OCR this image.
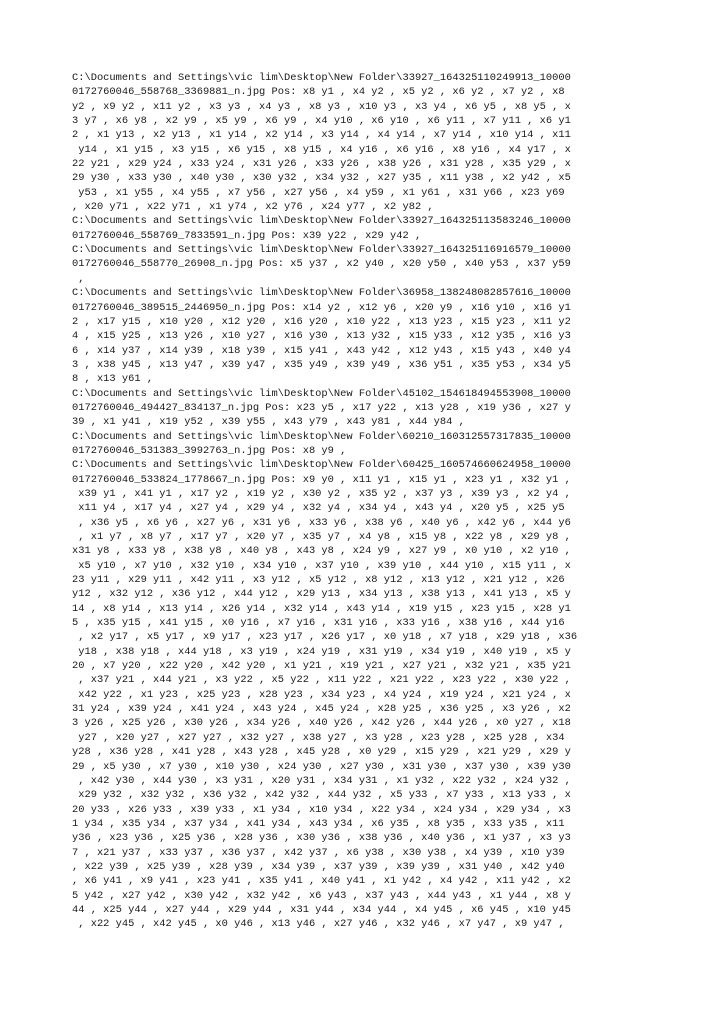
C:\Documents and Settings\vic lim\Desktop\New Folder\33927_164325110249913_10000
0172760046_558768_3369881_n.jpg Pos: x8 y1 , x4 y2 , x5 y2 , x6 y2 , x7 y2 , x8
y2 , x9 y2 , x11 y2 , x3 y3 , x4 y3 , x8 y3 , x10 y3 , x3 y4 , x6 y5 , x8 y5 , x
3 y7 , x6 y8 , x2 y9 , x5 y9 , x6 y9 , x4 y10 , x6 y10 , x6 y11 , x7 y11 , x6 y1
2 , x1 y13 , x2 y13 , x1 y14 , x2 y14 , x3 y14 , x4 y14 , x7 y14 , x10 y14 , x11
y14 , x1 y15 , x3 y15 , x6 y15 , x8 y15 , x4 y16 , x6 y16 , x8 y16 , x4 y17 , x
22 y21 , x29 y24 , x33 y24 , x31 y26 , x33 y26 , x38 y26 , x31 y28 , x35 y29 , x
29 y30 , x33 y30 , x40 y30 , x30 y32 , x34 y32 , x27 y35 , x11 y38 , x2 y42 , x5
y53 , x1 y55 , x4 y55 , x7 y56 , x27 y56 , x4 y59 , x1 y61 , x31 y66 , x23 y69
, x20 y71 , x22 y71 , x1 y74 , x2 y76 , x24 y77 , x2 y82 ,
C:\Documents and Settings\vic lim\Desktop\New Folder\33927_164325113583246_10000
0172760046_558769_7833591_n.jpg Pos: x39 y22 , x29 y42 ,
C:\Documents and Settings\vic lim\Desktop\New Folder\33927_164325116916579_10000
0172760046_558770_26908_n.jpg Pos: x5 y37 , x2 y40 , x20 y50 , x40 y53 , x37 y59
,
C:\Documents and Settings\vic lim\Desktop\New Folder\36958_138248082857616_10000
0172760046_389515_2446950_n.jpg Pos: x14 y2 , x12 y6 , x20 y9 , x16 y10 , x16 y1
2 , x17 y15 , x10 y20 , x12 y20 , x16 y20 , x10 y22 , x13 y23 , x15 y23 , x11 y2
4 , x15 y25 , x13 y26 , x10 y27 , x16 y30 , x13 y32 , x15 y33 , x12 y35 , x16 y3
6 , x14 y37 , x14 y39 , x18 y39 , x15 y41 , x43 y42 , x12 y43 , x15 y43 , x40 y4
3 , x38 y45 , x13 y47 , x39 y47 , x35 y49 , x39 y49 , x36 y51 , x35 y53 , x34 y5
8 , x13 y61 ,
C:\Documents and Settings\vic lim\Desktop\New Folder\45102_154618494553908_10000
0172760046_494427_834137_n.jpg Pos: x23 y5 , x17 y22 , x13 y28 , x19 y36 , x27 y
39 , x1 y41 , x19 y52 , x39 y55 , x43 y79 , x43 y81 , x44 y84 ,
C:\Documents and Settings\vic lim\Desktop\New Folder\60210_160312557317835_10000
0172760046_531383_3992763_n.jpg Pos: x8 y9 ,
C:\Documents and Settings\vic lim\Desktop\New Folder\60425_160574660624958_10000
0172760046_533824_1778667_n.jpg Pos: x9 y0 , x11 y1 , x15 y1 , x23 y1 , x32 y1 ,
x39 y1 , x41 y1 , x17 y2 , x19 y2 , x30 y2 , x35 y2 , x37 y3 , x39 y3 , x2 y4 ,
x11 y4 , x17 y4 , x27 y4 , x29 y4 , x32 y4 , x34 y4 , x43 y4 , x20 y5 , x25 y5
, x36 y5 , x6 y6 , x27 y6 , x31 y6 , x33 y6 , x38 y6 , x40 y6 , x42 y6 , x44 y6
, x1 y7 , x8 y7 , x17 y7 , x20 y7 , x35 y7 , x4 y8 , x15 y8 , x22 y8 , x29 y8 ,
x31 y8 , x33 y8 , x38 y8 , x40 y8 , x43 y8 , x24 y9 , x27 y9 , x0 y10 , x2 y10 ,
x5 y10 , x7 y10 , x32 y10 , x34 y10 , x37 y10 , x39 y10 , x44 y10 , x15 y11 , x
23 y11 , x29 y11 , x42 y11 , x3 y12 , x5 y12 , x8 y12 , x13 y12 , x21 y12 , x26
y12 , x32 y12 , x36 y12 , x44 y12 , x29 y13 , x34 y13 , x38 y13 , x41 y13 , x5 y
14 , x8 y14 , x13 y14 , x26 y14 , x32 y14 , x43 y14 , x19 y15 , x23 y15 , x28 y1
5 , x35 y15 , x41 y15 , x0 y16 , x7 y16 , x31 y16 , x33 y16 , x38 y16 , x44 y16
, x2 y17 , x5 y17 , x9 y17 , x23 y17 , x26 y17 , x0 y18 , x7 y18 , x29 y18 , x36
y18 , x38 y18 , x44 y18 , x3 y19 , x24 y19 , x31 y19 , x34 y19 , x40 y19 , x5 y
20 , x7 y20 , x22 y20 , x42 y20 , x1 y21 , x19 y21 , x27 y21 , x32 y21 , x35 y21
, x37 y21 , x44 y21 , x3 y22 , x5 y22 , x11 y22 , x21 y22 , x23 y22 , x30 y22 ,
x42 y22 , x1 y23 , x25 y23 , x28 y23 , x34 y23 , x4 y24 , x19 y24 , x21 y24 , x
31 y24 , x39 y24 , x41 y24 , x43 y24 , x45 y24 , x28 y25 , x36 y25 , x3 y26 , x2
3 y26 , x25 y26 , x30 y26 , x34 y26 , x40 y26 , x42 y26 , x44 y26 , x0 y27 , x18
y27 , x20 y27 , x27 y27 , x32 y27 , x38 y27 , x3 y28 , x23 y28 , x25 y28 , x34
y28 , x36 y28 , x41 y28 , x43 y28 , x45 y28 , x0 y29 , x15 y29 , x21 y29 , x29 y
29 , x5 y30 , x7 y30 , x10 y30 , x24 y30 , x27 y30 , x31 y30 , x37 y30 , x39 y30
, x42 y30 , x44 y30 , x3 y31 , x20 y31 , x34 y31 , x1 y32 , x22 y32 , x24 y32 ,
x29 y32 , x32 y32 , x36 y32 , x42 y32 , x44 y32 , x5 y33 , x7 y33 , x13 y33 , x
20 y33 , x26 y33 , x39 y33 , x1 y34 , x10 y34 , x22 y34 , x24 y34 , x29 y34 , x3
1 y34 , x35 y34 , x37 y34 , x41 y34 , x43 y34 , x6 y35 , x8 y35 , x33 y35 , x11
y36 , x23 y36 , x25 y36 , x28 y36 , x30 y36 , x38 y36 , x40 y36 , x1 y37 , x3 y3
7 , x21 y37 , x33 y37 , x36 y37 , x42 y37 , x6 y38 , x30 y38 , x4 y39 , x10 y39
, x22 y39 , x25 y39 , x28 y39 , x34 y39 , x37 y39 , x39 y39 , x31 y40 , x42 y40
, x6 y41 , x9 y41 , x23 y41 , x35 y41 , x40 y41 , x1 y42 , x4 y42 , x11 y42 , x2
5 y42 , x27 y42 , x30 y42 , x32 y42 , x6 y43 , x37 y43 , x44 y43 , x1 y44 , x8 y
44 , x25 y44 , x27 y44 , x29 y44 , x31 y44 , x34 y44 , x4 y45 , x6 y45 , x10 y45
, x22 y45 , x42 y45 , x0 y46 , x13 y46 , x27 y46 , x32 y46 , x7 y47 , x9 y47 ,
